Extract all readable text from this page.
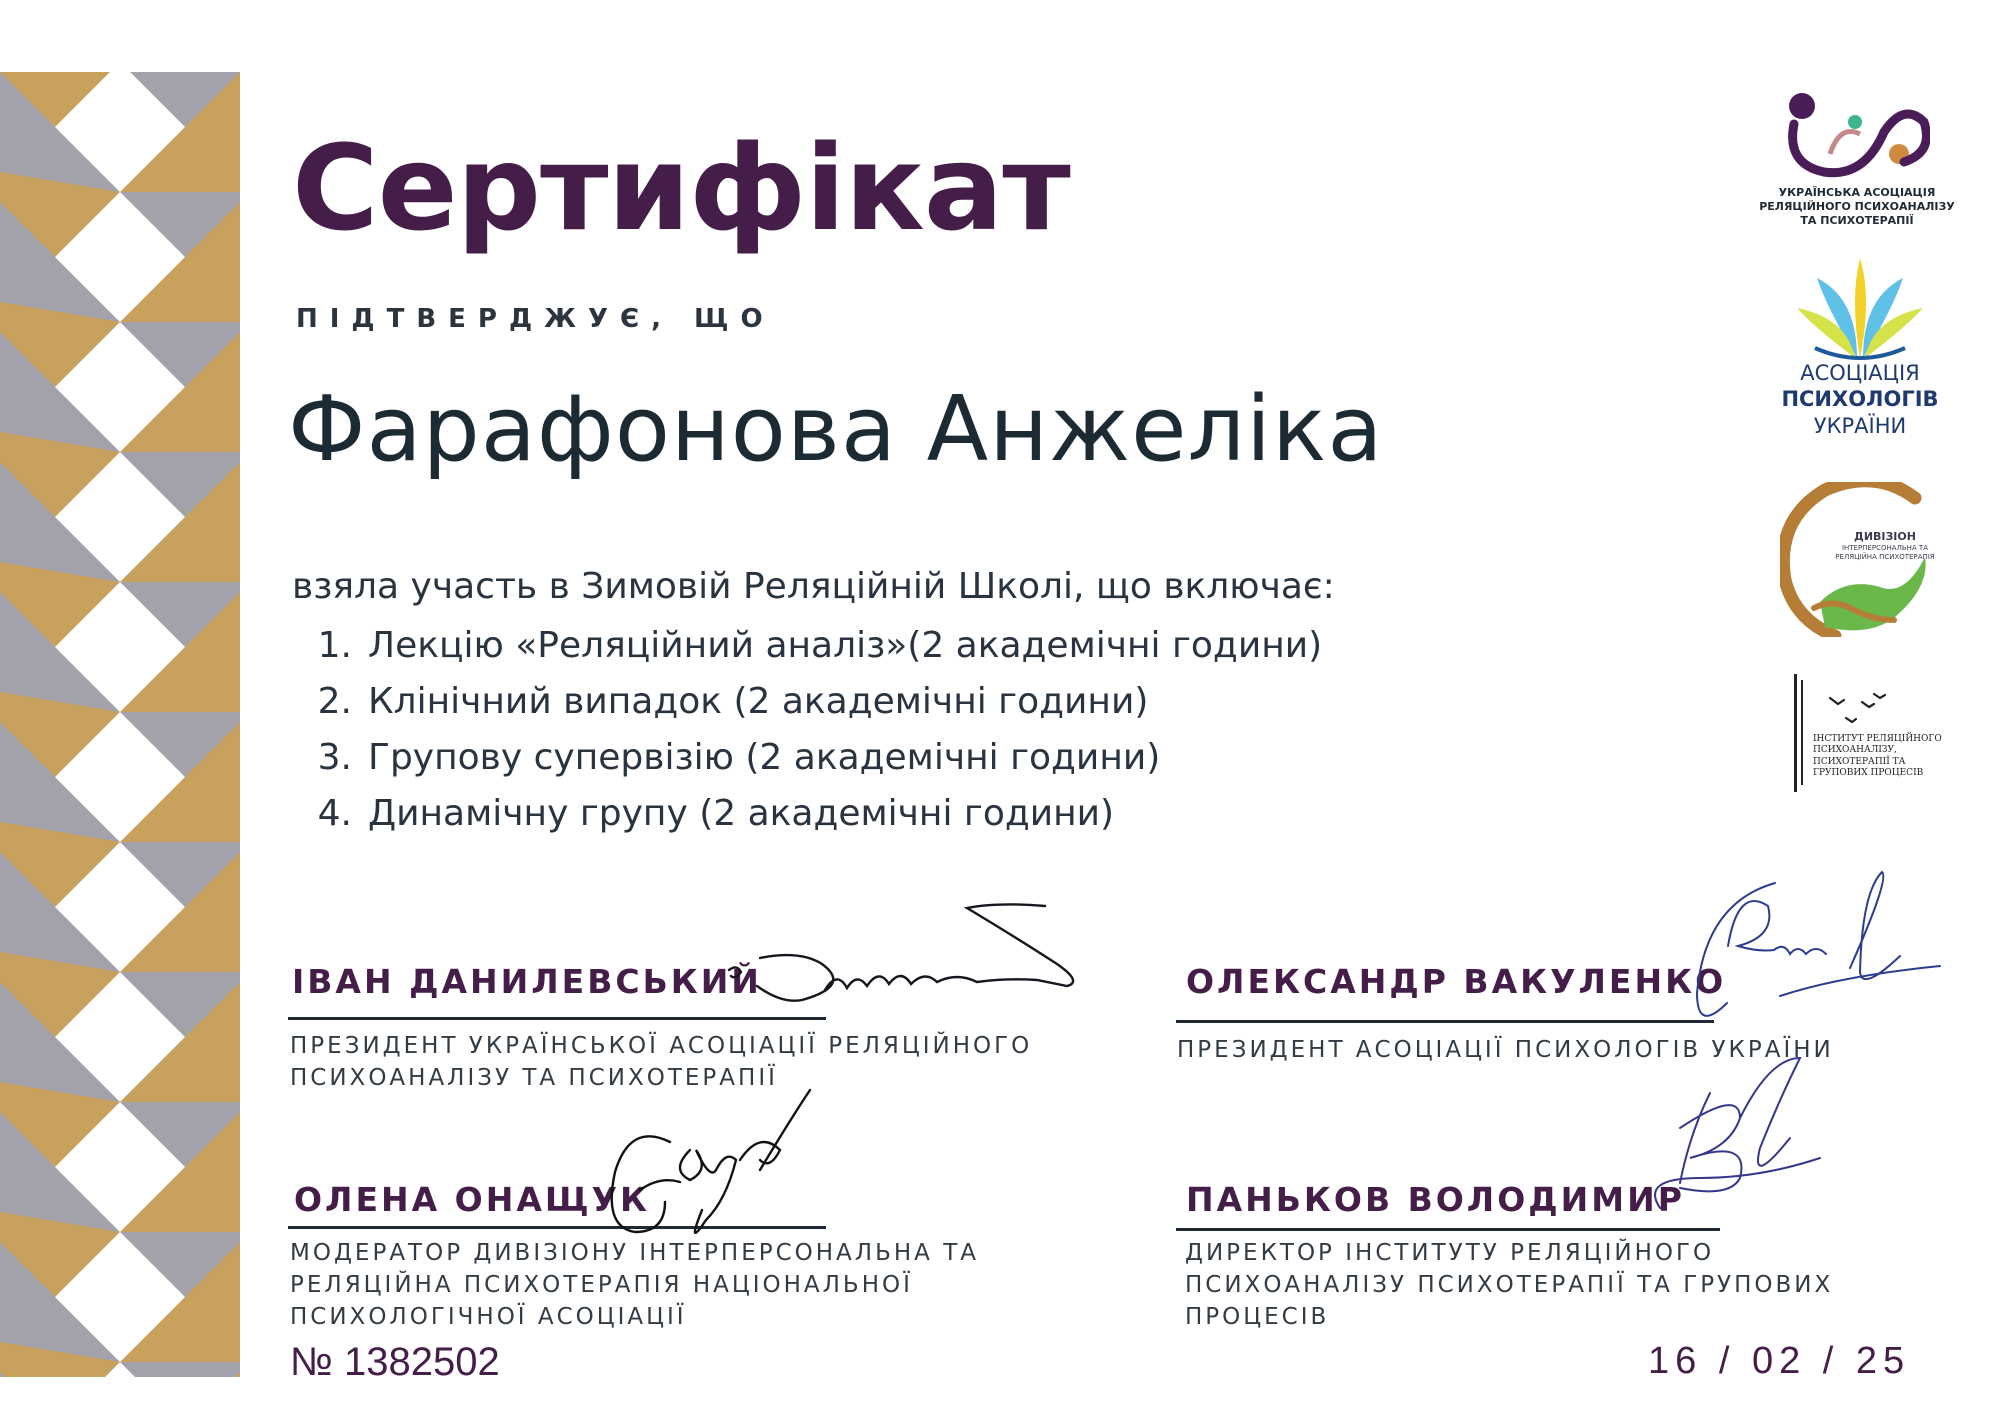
Сертифікат
ПІДТВЕРДЖУЄ, ЩО
Фарафонова Анжеліка
взяла участь в Зимовій Реляційній Школі, що включає:
1. Лекцію «Реляційний аналіз»(2 академічні години)
2. Клінічний випадок (2 академічні години)
3. Групову супервізію (2 академічні години)
4. Динамічну групу (2 академічні години)
ІВАН ДАНИЛЕВСЬКИЙ
ПРЕЗИДЕНТ УКРАЇНСЬКОЇ АСОЦІАЦІЇ РЕЛЯЦІЙНОГО
ПСИХОАНАЛІЗУ ТА ПСИХОТЕРАПІЇ
ОЛЕКСАНДР ВАКУЛЕНКО
ПРЕЗИДЕНТ АСОЦІАЦІЇ ПСИХОЛОГІВ УКРАЇНИ
ОЛЕНА ОНАЩУК
МОДЕРАТОР ДИВІЗІОНУ ІНТЕРПЕРСОНАЛЬНА ТА
РЕЛЯЦІЙНА ПСИХОТЕРАПІЯ НАЦІОНАЛЬНОЇ
ПСИХОЛОГІЧНОЇ АСОЦІАЦІЇ
ПАНЬКОВ ВОЛОДИМИР
ДИРЕКТОР ІНСТИТУТУ РЕЛЯЦІЙНОГО
ПСИХОАНАЛІЗУ ПСИХОТЕРАПІЇ ТА ГРУПОВИХ
ПРОЦЕСІВ
№ 1382502	16 / 02 / 25
УКРАЇНСЬКА АСОЦІАЦІЯ
РЕЛЯЦІЙНОГО ПСИХОАНАЛІЗУ
ТА ПСИХОТЕРАПІЇ
АСОЦІАЦІЯ
ПСИХОЛОГІВ
УКРАЇНИ
ДИВІЗІОН
ІНТЕРПЕРСОНАЛЬНА ТА
РЕЛЯЦІЙНА ПСИХОТЕРАПІЯ
ІНСТИТУТ РЕЛЯЦІЙНОГО
ПСИХОАНАЛІЗУ,
ПСИХОТЕРАПІЇ ТА
ГРУПОВИХ ПРОЦЕСІВ
